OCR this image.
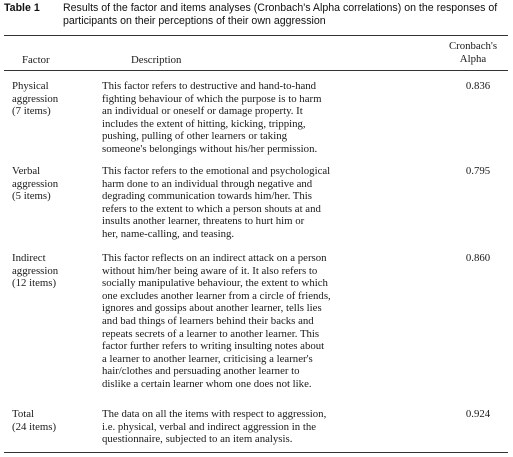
Table 1 Results of the factor and items analyses (Cronbach's Alpha correlations) on the responses of participants on their perceptions of their own aggression
Factor	Description
Cronbach's
Alpha
Physical
aggression
(7 items)
This factor refers to destructive and hand-to-hand
fighting behaviour of which the purpose is to harm
an individual or oneself or damage property. It
includes the extent of hitting, kicking, tripping,
pushing, pulling of other learners or taking
someone's belongings without his/her permission.
0.836
Verbal
aggression
(5 items)
This factor refers to the emotional and psychological
harm done to an individual through negative and
degrading communication towards him/her. This
refers to the extent to which a person shouts at and
insults another learner, threatens to hurt him or
her, name-calling, and teasing.
0.795
Indirect
aggression
(12 items)
This factor reflects on an indirect attack on a person
without him/her being aware of it. It also refers to
socially manipulative behaviour, the extent to which
one excludes another learner from a circle of friends,
ignores and gossips about another learner, tells lies
and bad things of learners behind their backs and
repeats secrets of a learner to another learner. This
factor further refers to writing insulting notes about
a learner to another learner, criticising a learner's
hair/clothes and persuading another learner to
dislike a certain learner whom one does not like.
0.860
Total
(24 items)
The data on all the items with respect to aggression,
i.e. physical, verbal and indirect aggression in the
questionnaire, subjected to an item analysis.
0.924
